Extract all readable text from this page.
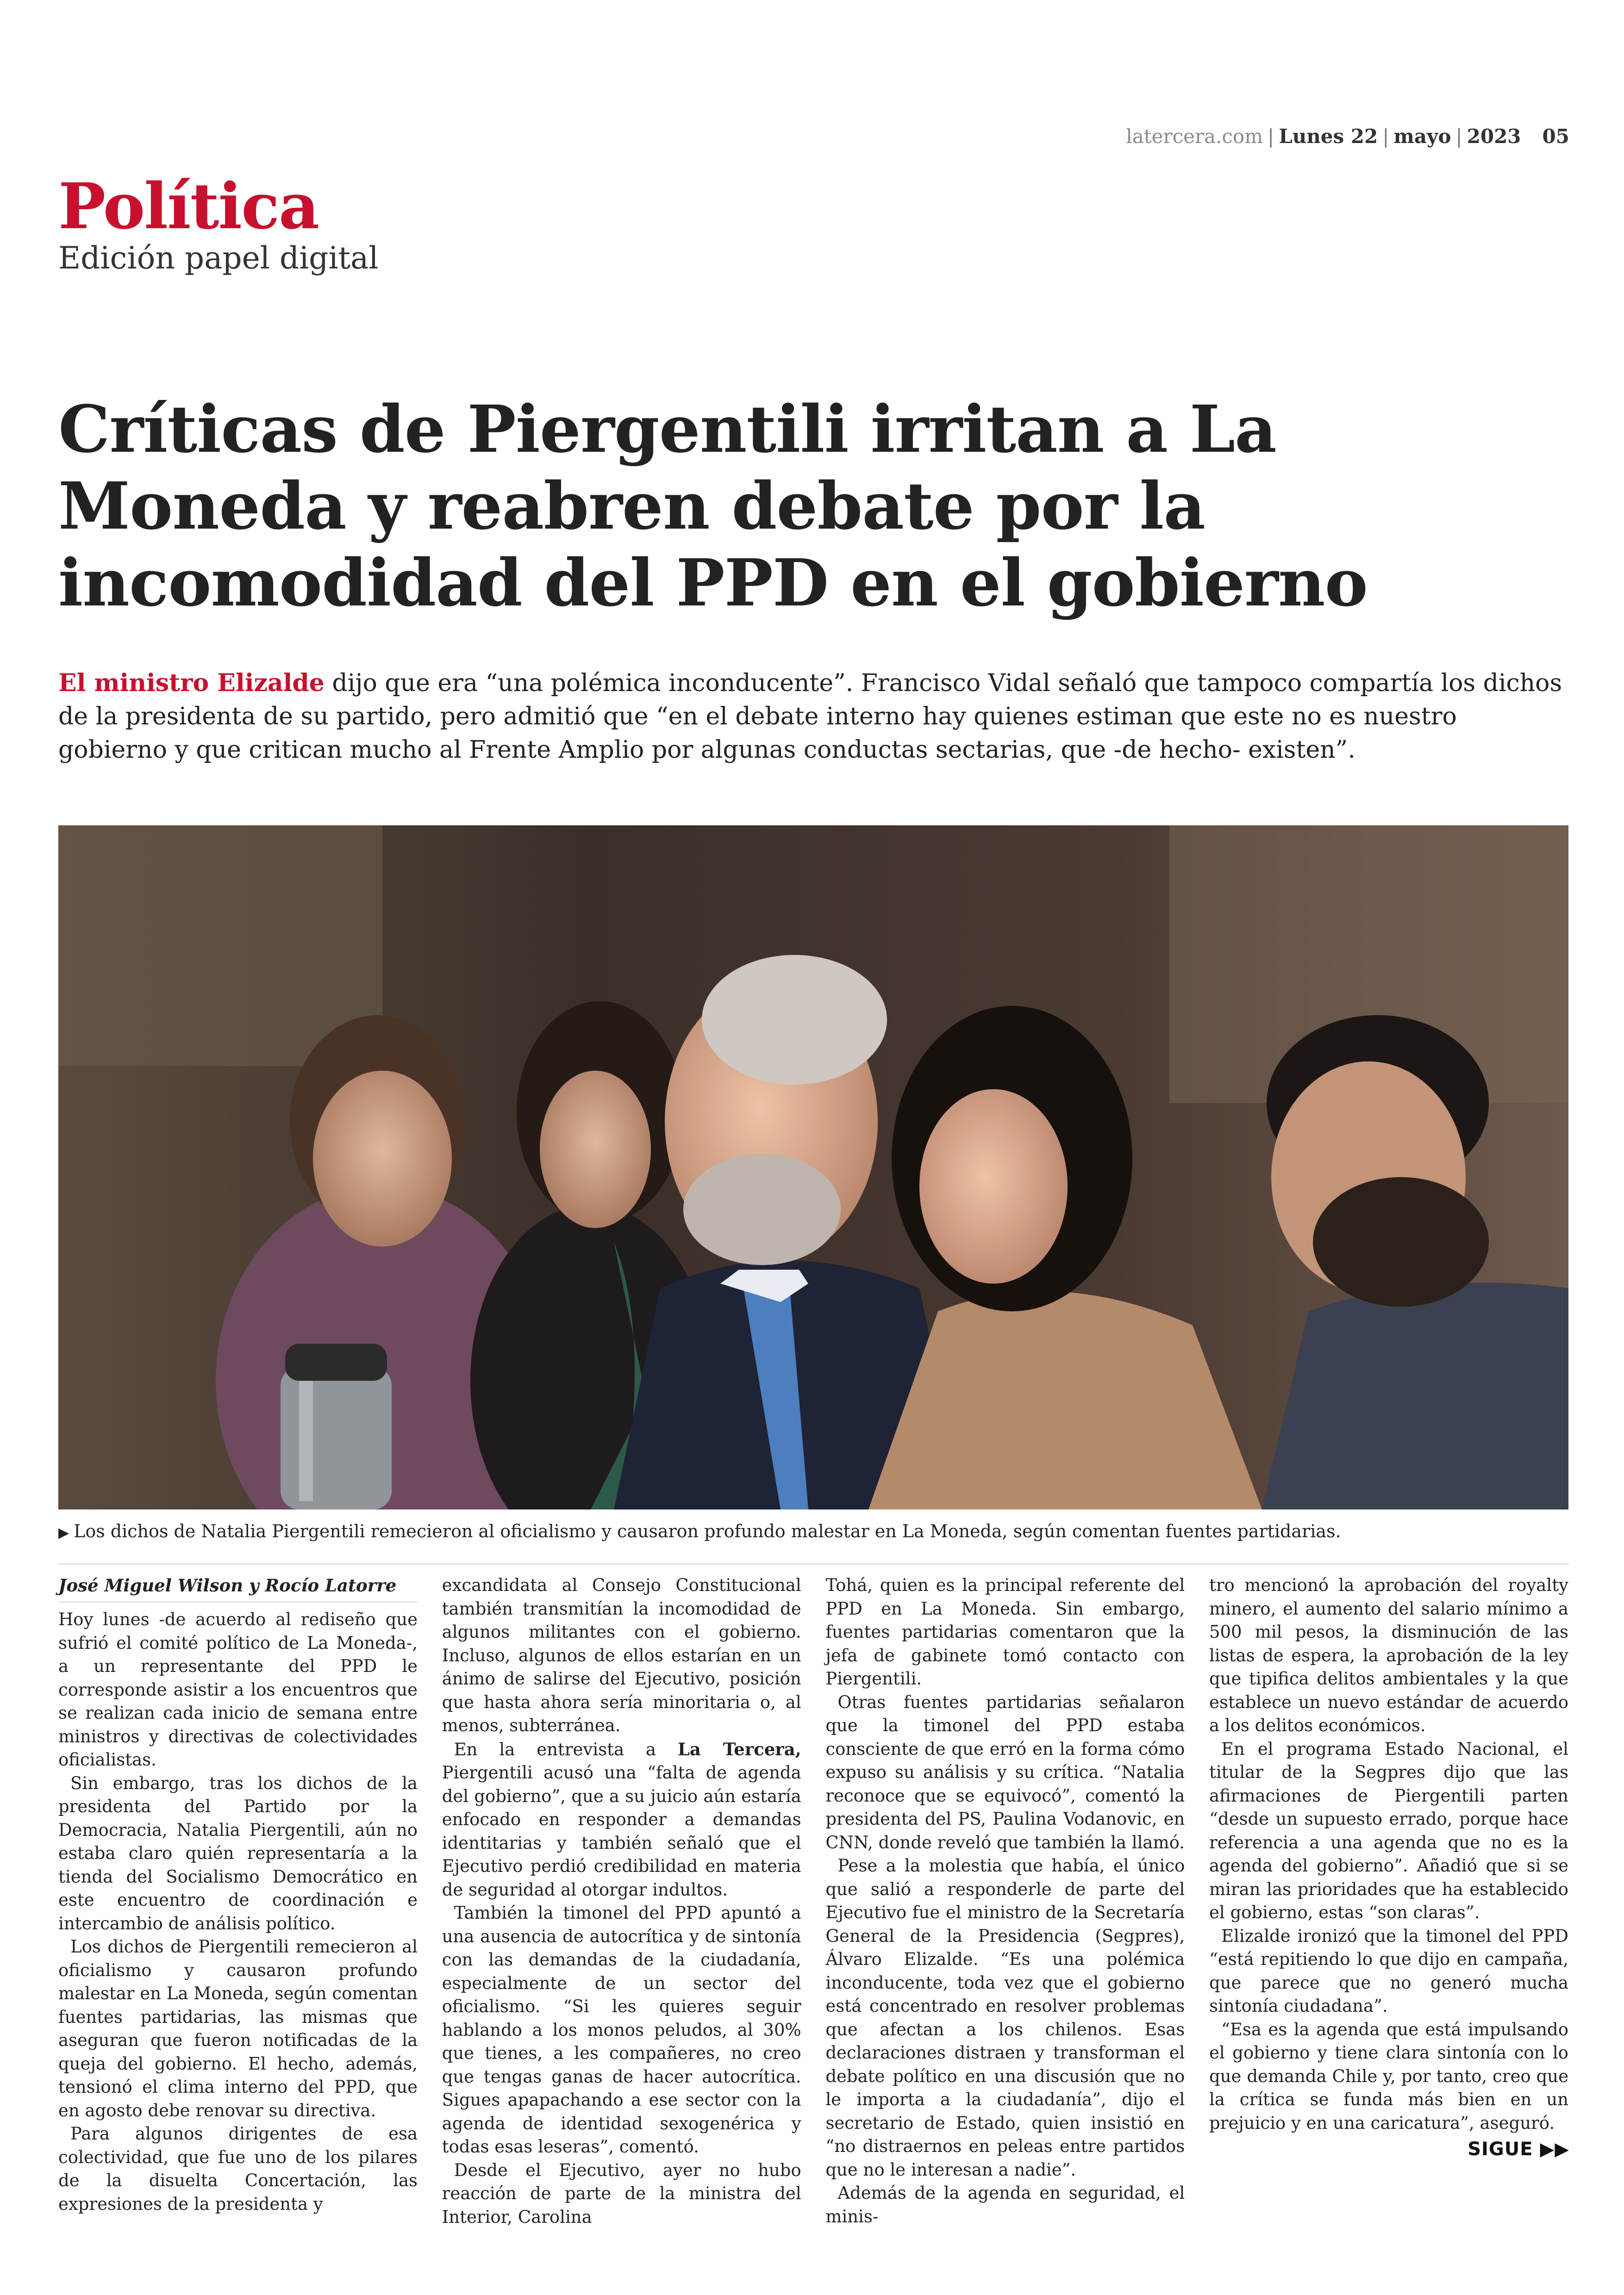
latercera.com | Lunes 22 | mayo | 2023 05
Política
Edición papel digital
Críticas de Piergentili irritan a La Moneda y reabren debate por la incomodidad del PPD en el gobierno

El ministro Elizalde dijo que era “una polémica inconducente”. Francisco Vidal señaló que tampoco compartía los dichos de la presidenta de su partido, pero admitió que “en el debate interno hay quienes estiman que este no es nuestro gobierno y que critican mucho al Frente Amplio por algunas conductas sectarias, que -de hecho- existen”.

▶ Los dichos de Natalia Piergentili remecieron al oficialismo y causaron profundo malestar en La Moneda, según comentan fuentes partidarias.
José Miguel Wilson y Rocío Latorre

Hoy lunes -de acuerdo al rediseño que sufrió el comité político de La Moneda-, a un representante del PPD le corresponde asistir a los encuentros que se realizan cada inicio de semana entre ministros y directivas de colectividades oficialistas.

Sin embargo, tras los dichos de la presidenta del Partido por la Democracia, Natalia Piergentili, aún no estaba claro quién representaría a la tienda del Socialismo Democrático en este encuentro de coordinación e intercambio de análisis político.

Los dichos de Piergentili remecieron al oficialismo y causaron profundo malestar en La Moneda, según comentan fuentes partidarias, las mismas que aseguran que fueron notificadas de la queja del gobierno. El hecho, además, tensionó el clima interno del PPD, que en agosto debe renovar su directiva.

Para algunos dirigentes de esa colectividad, que fue uno de los pilares de la disuelta Concertación, las expresiones de la presidenta y

excandidata al Consejo Constitucional también transmitían la incomodidad de algunos militantes con el gobierno. Incluso, algunos de ellos estarían en un ánimo de salirse del Ejecutivo, posición que hasta ahora sería minoritaria o, al menos, subterránea.

En la entrevista a La Tercera, Piergentili acusó una “falta de agenda del gobierno”, que a su juicio aún estaría enfocado en responder a demandas identitarias y también señaló que el Ejecutivo perdió credibilidad en materia de seguridad al otorgar indultos.

También la timonel del PPD apuntó a una ausencia de autocrítica y de sintonía con las demandas de la ciudadanía, especialmente de un sector del oficialismo. “Si les quieres seguir hablando a los monos peludos, al 30% que tienes, a les compañeres, no creo que tengas ganas de hacer autocrítica. Sigues apapachando a ese sector con la agenda de identidad sexogenérica y todas esas leseras”, comentó.

Desde el Ejecutivo, ayer no hubo reacción de parte de la ministra del Interior, Carolina

Tohá, quien es la principal referente del PPD en La Moneda. Sin embargo, fuentes partidarias comentaron que la jefa de gabinete tomó contacto con Piergentili.

Otras fuentes partidarias señalaron que la timonel del PPD estaba consciente de que erró en la forma cómo expuso su análisis y su crítica. “Natalia reconoce que se equivocó”, comentó la presidenta del PS, Paulina Vodanovic, en CNN, donde reveló que también la llamó.

Pese a la molestia que había, el único que salió a responderle de parte del Ejecutivo fue el ministro de la Secretaría General de la Presidencia (Segpres), Álvaro Elizalde. “Es una polémica inconducente, toda vez que el gobierno está concentrado en resolver problemas que afectan a los chilenos. Esas declaraciones distraen y transforman el debate político en una discusión que no le importa a la ciudadanía”, dijo el secretario de Estado, quien insistió en “no distraernos en peleas entre partidos que no le interesan a nadie”.

Además de la agenda en seguridad, el minis-

tro mencionó la aprobación del royalty minero, el aumento del salario mínimo a 500 mil pesos, la disminución de las listas de espera, la aprobación de la ley que tipifica delitos ambientales y la que establece un nuevo estándar de acuerdo a los delitos económicos.

En el programa Estado Nacional, el titular de la Segpres dijo que las afirmaciones de Piergentili parten “desde un supuesto errado, porque hace referencia a una agenda que no es la agenda del gobierno”. Añadió que si se miran las prioridades que ha establecido el gobierno, estas “son claras”.

Elizalde ironizó que la timonel del PPD “está repitiendo lo que dijo en campaña, que parece que no generó mucha sintonía ciudadana”.

“Esa es la agenda que está impulsando el gobierno y tiene clara sintonía con lo que demanda Chile y, por tanto, creo que la crítica se funda más bien en un prejuicio y en una caricatura”, aseguró.

SIGUE ▶▶
